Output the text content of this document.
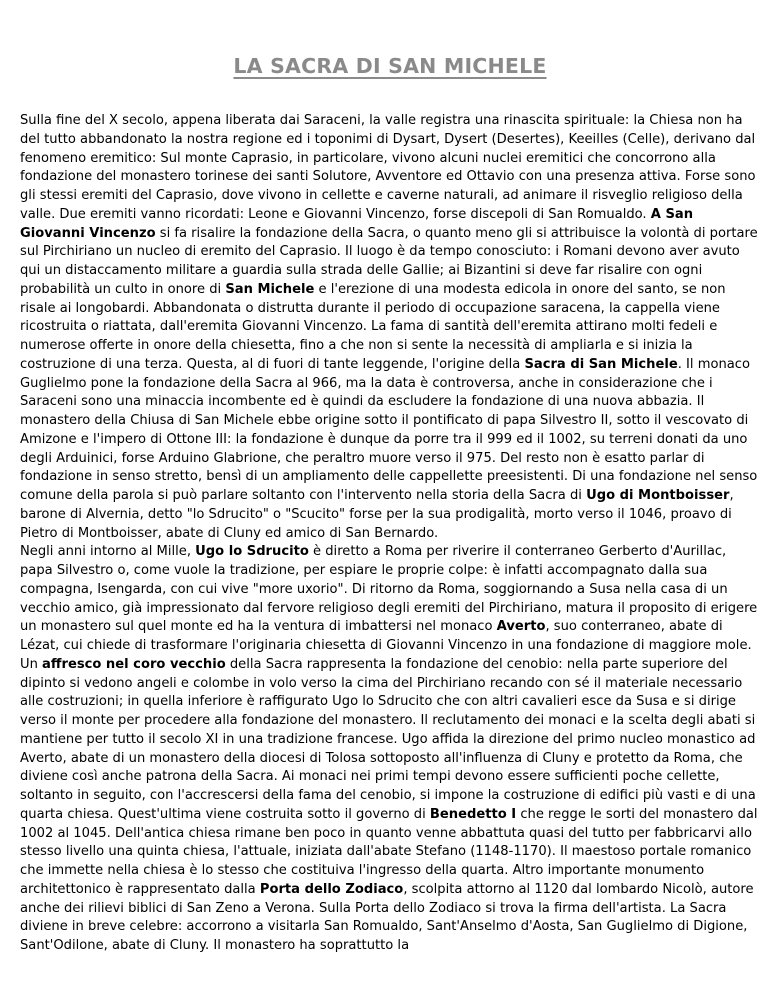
LA SACRA DI SAN MICHELE

Sulla fine del X secolo, appena liberata dai Saraceni, la valle registra una rinascita spirituale: la Chiesa non ha del tutto abbandonato la nostra regione ed i toponimi di Dysart, Dysert (Desertes), Keeilles (Celle), derivano dal fenomeno eremitico: Sul monte Caprasio, in particolare, vivono alcuni nuclei eremitici che concorrono alla fondazione del monastero torinese dei santi Solutore, Avventore ed Ottavio con una presenza attiva. Forse sono gli stessi eremiti del Caprasio, dove vivono in cellette e caverne naturali, ad animare il risveglio religioso della valle. Due eremiti vanno ricordati: Leone e Giovanni Vincenzo, forse discepoli di San Romualdo. A San Giovanni Vincenzo si fa risalire la fondazione della Sacra, o quanto meno gli si attribuisce la volontà di portare sul Pirchiriano un nucleo di eremito del Caprasio. Il luogo è da tempo conosciuto: i Romani devono aver avuto qui un distaccamento militare a guardia sulla strada delle Gallie; ai Bizantini si deve far risalire con ogni probabilità un culto in onore di San Michele e l'erezione di una modesta edicola in onore del santo, se non risale ai longobardi. Abbandonata o distrutta durante il periodo di occupazione saracena, la cappella viene ricostruita o riattata, dall'eremita Giovanni Vincenzo. La fama di santità dell'eremita attirano molti fedeli e numerose offerte in onore della chiesetta, fino a che non si sente la necessità di ampliarla e si inizia la costruzione di una terza. Questa, al di fuori di tante leggende, l'origine della Sacra di San Michele. Il monaco Guglielmo pone la fondazione della Sacra al 966, ma la data è controversa, anche in considerazione che i Saraceni sono una minaccia incombente ed è quindi da escludere la fondazione di una nuova abbazia. Il monastero della Chiusa di San Michele ebbe origine sotto il pontificato di papa Silvestro II, sotto il vescovato di Amizone e l'impero di Ottone III: la fondazione è dunque da porre tra il 999 ed il 1002, su terreni donati da uno degli Arduinici, forse Arduino Glabrione, che peraltro muore verso il 975. Del resto non è esatto parlar di fondazione in senso stretto, bensì di un ampliamento delle cappellette preesistenti. Di una fondazione nel senso comune della parola si può parlare soltanto con l'intervento nella storia della Sacra di Ugo di Montboisser, barone di Alvernia, detto "lo Sdrucito" o "Scucito" forse per la sua prodigalità, morto verso il 1046, proavo di Pietro di Montboisser, abate di Cluny ed amico di San Bernardo.

Negli anni intorno al Mille, Ugo lo Sdrucito è diretto a Roma per riverire il conterraneo Gerberto d'Aurillac, papa Silvestro o, come vuole la tradizione, per espiare le proprie colpe: è infatti accompagnato dalla sua compagna, Isengarda, con cui vive "more uxorio". Di ritorno da Roma, soggiornando a Susa nella casa di un vecchio amico, già impressionato dal fervore religioso degli eremiti del Pirchiriano, matura il proposito di erigere un monastero sul quel monte ed ha la ventura di imbattersi nel monaco Averto, suo conterraneo, abate di Lézat, cui chiede di trasformare l'originaria chiesetta di Giovanni Vincenzo in una fondazione di maggiore mole. Un affresco nel coro vecchio della Sacra rappresenta la fondazione del cenobio: nella parte superiore del dipinto si vedono angeli e colombe in volo verso la cima del Pirchiriano recando con sé il materiale necessario alle costruzioni; in quella inferiore è raffigurato Ugo lo Sdrucito che con altri cavalieri esce da Susa e si dirige verso il monte per procedere alla fondazione del monastero. Il reclutamento dei monaci e la scelta degli abati si mantiene per tutto il secolo XI in una tradizione francese. Ugo affida la direzione del primo nucleo monastico ad Averto, abate di un monastero della diocesi di Tolosa sottoposto all'influenza di Cluny e protetto da Roma, che diviene così anche patrona della Sacra. Ai monaci nei primi tempi devono essere sufficienti poche cellette, soltanto in seguito, con l'accrescersi della fama del cenobio, si impone la costruzione di edifici più vasti e di una quarta chiesa. Quest'ultima viene costruita sotto il governo di Benedetto I che regge le sorti del monastero dal 1002 al 1045. Dell'antica chiesa rimane ben poco in quanto venne abbattuta quasi del tutto per fabbricarvi allo stesso livello una quinta chiesa, l'attuale, iniziata dall'abate Stefano (1148-1170). Il maestoso portale romanico che immette nella chiesa è lo stesso che costituiva l'ingresso della quarta. Altro importante monumento architettonico è rappresentato dalla Porta dello Zodiaco, scolpita attorno al 1120 dal lombardo Nicolò, autore anche dei rilievi biblici di San Zeno a Verona. Sulla Porta dello Zodiaco si trova la firma dell'artista. La Sacra diviene in breve celebre: accorrono a visitarla San Romualdo, Sant'Anselmo d'Aosta, San Guglielmo di Digione, Sant'Odilone, abate di Cluny. Il monastero ha soprattutto la
